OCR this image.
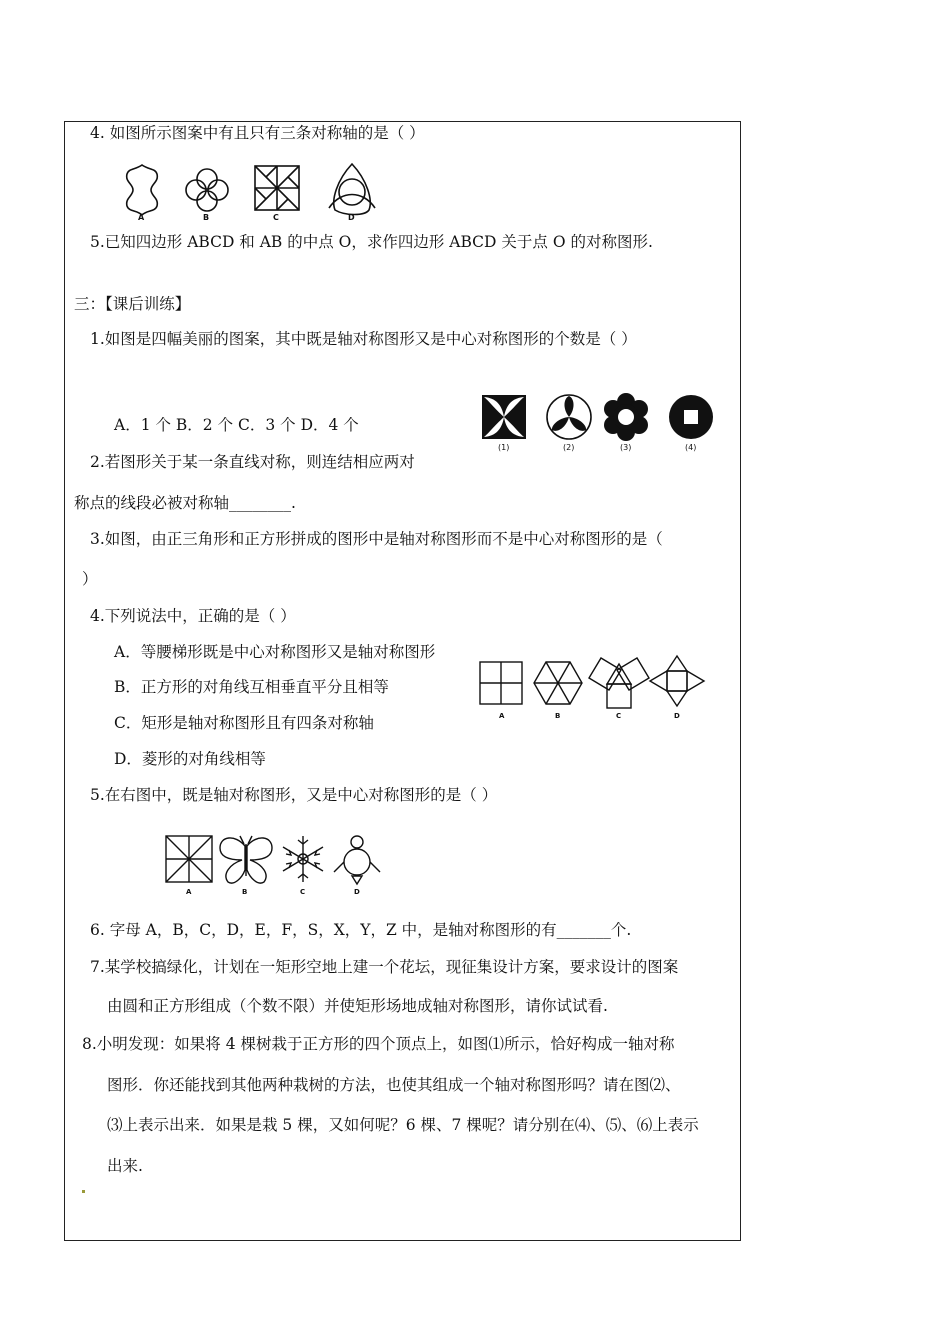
4. 如图所示图案中有且只有三条对称轴的是（ ）
A	B	C	D
5.已知四边形 ABCD 和 AB 的中点 O，求作四边形 ABCD 关于点 O 的对称图形.
三：【课后训练】
1.如图是四幅美丽的图案，其中既是轴对称图形又是中心对称图形的个数是（ ）
A．1 个 B．2 个 C．3 个 D．4 个
(1)	(2)	(3)	(4)
2.若图形关于某一条直线对称，则连结相应两对
称点的线段必被对称轴________.
3.如图，由正三角形和正方形拼成的图形中是轴对称图形而不是中心对称图形的是（
）
4.下列说法中，正确的是（ ）
A．等腰梯形既是中心对称图形又是轴对称图形
B．正方形的对角线互相垂直平分且相等
C．矩形是轴对称图形且有四条对称轴
D．菱形的对角线相等
A	B	C	D
5.在右图中，既是轴对称图形，又是中心对称图形的是（ ）
A	B	C	D
6. 字母 A，B，C，D，E，F，S，X，Y，Z 中，是轴对称图形的有_______个.
7.某学校搞绿化，计划在一矩形空地上建一个花坛，现征集设计方案，要求设计的图案
由圆和正方形组成（个数不限）并使矩形场地成轴对称图形，请你试试看.
8.小明发现：如果将 4 棵树栽于正方形的四个顶点上，如图⑴所示，恰好构成一轴对称
图形．你还能找到其他两种栽树的方法，也使其组成一个轴对称图形吗？请在图⑵、
⑶上表示出来．如果是栽 5 棵，又如何呢？6 棵、7 棵呢？请分别在⑷、⑸、⑹上表示
出来.
